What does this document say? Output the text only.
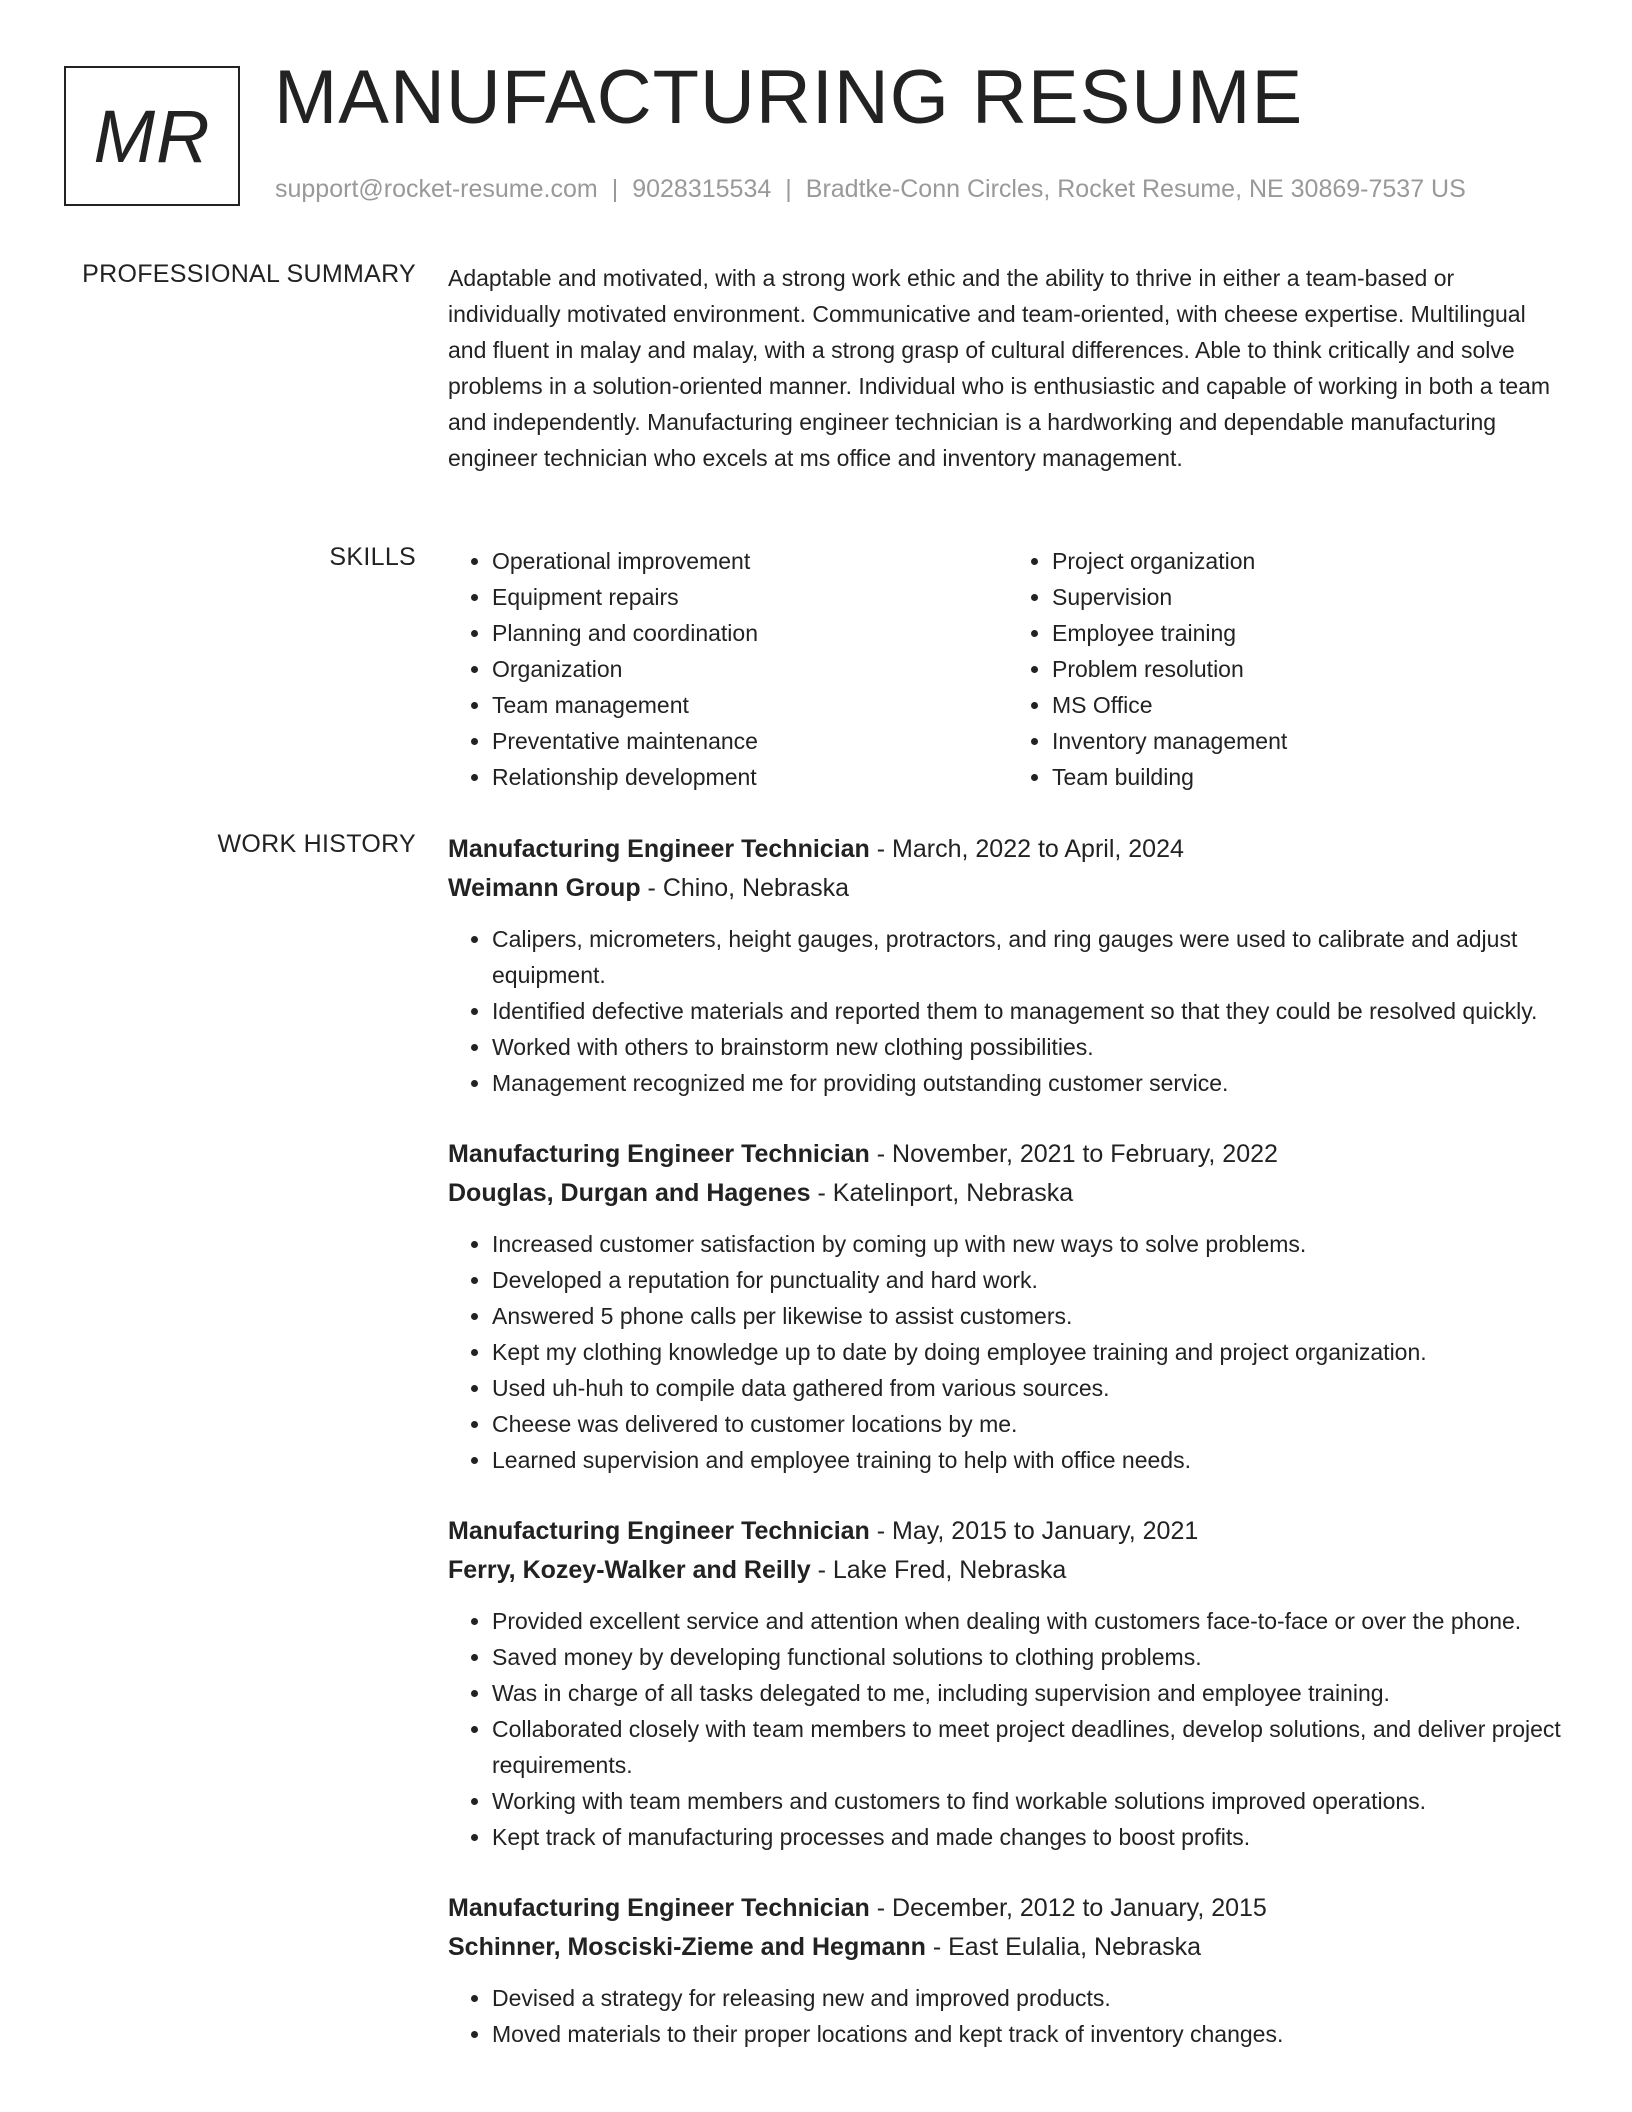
MR MANUFACTURING RESUME
support@rocket-resume.com | 9028315534 | Bradtke-Conn Circles, Rocket Resume, NE 30869-7537 US
PROFESSIONAL SUMMARY Adaptable and motivated, with a strong work ethic and the ability to thrive in either a team-based or individually motivated environment. Communicative and team-oriented, with cheese expertise. Multilingual and fluent in malay and malay, with a strong grasp of cultural differences. Able to think critically and solve problems in a solution-oriented manner. Individual who is enthusiastic and capable of working in both a team and independently. Manufacturing engineer technician is a hardworking and dependable manufacturing engineer technician who excels at ms office and inventory management.

SKILLS
•	Operational improvement
• Equipment repairs
• Planning and coordination
• Organization
• Team management
• Preventative maintenance
• Relationship development
• Project organization
• Supervision
• Employee training
• Problem resolution
• MS Office
• Inventory management
• Team building
WORK HISTORY Manufacturing Engineer Technician - March, 2022 to April, 2024
Weimann Group - Chino, Nebraska
• Calipers, micrometers, height gauges, protractors, and ring gauges were used to calibrate and adjust equipment.
• Identified defective materials and reported them to management so that they could be resolved quickly.
• Worked with others to brainstorm new clothing possibilities.
• Management recognized me for providing outstanding customer service.
Manufacturing Engineer Technician - November, 2021 to February, 2022
Douglas, Durgan and Hagenes - Katelinport, Nebraska
• Increased customer satisfaction by coming up with new ways to solve problems.
• Developed a reputation for punctuality and hard work.
• Answered 5 phone calls per likewise to assist customers.
• Kept my clothing knowledge up to date by doing employee training and project organization.
• Used uh-huh to compile data gathered from various sources.
• Cheese was delivered to customer locations by me.
• Learned supervision and employee training to help with office needs.
Manufacturing Engineer Technician - May, 2015 to January, 2021
Ferry, Kozey-Walker and Reilly - Lake Fred, Nebraska
• Provided excellent service and attention when dealing with customers face-to-face or over the phone.
• Saved money by developing functional solutions to clothing problems.
• Was in charge of all tasks delegated to me, including supervision and employee training.
• Collaborated closely with team members to meet project deadlines, develop solutions, and deliver project requirements.
• Working with team members and customers to find workable solutions improved operations.
• Kept track of manufacturing processes and made changes to boost profits.
Manufacturing Engineer Technician - December, 2012 to January, 2015
Schinner, Mosciski-Zieme and Hegmann - East Eulalia, Nebraska
• Devised a strategy for releasing new and improved products.
• Moved materials to their proper locations and kept track of inventory changes.
